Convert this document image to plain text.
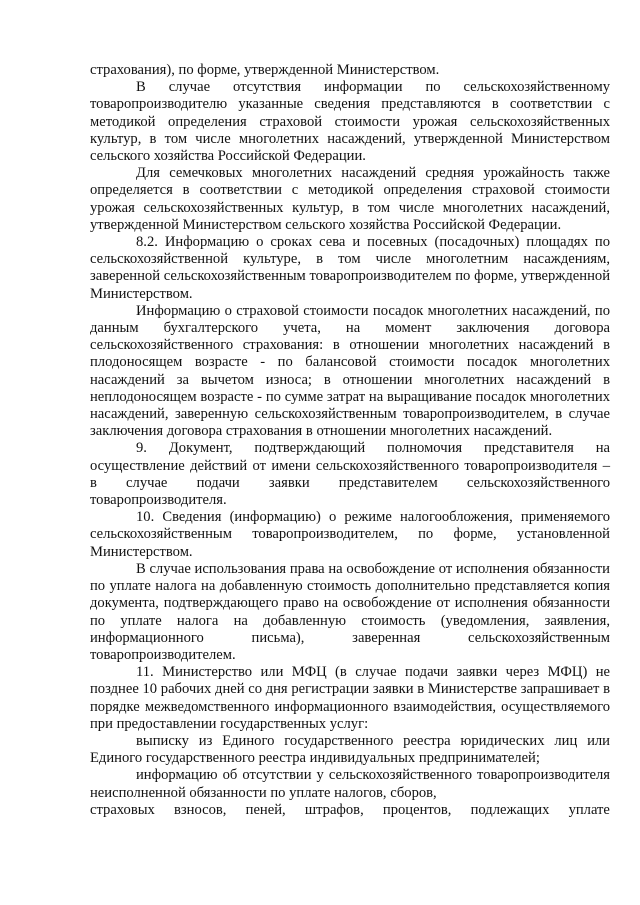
страхования), по форме, утвержденной Министерством.

В случае отсутствия информации по сельскохозяйственному товаропроизводителю указанные сведения представляются в соответствии с методикой определения страховой стоимости урожая сельскохозяйственных культур, в том числе многолетних насаждений, утвержденной Министерством сельского хозяйства Российской Федерации.

Для семечковых многолетних насаждений средняя урожайность также определяется в соответствии с методикой определения страховой стоимости урожая сельскохозяйственных культур, в том числе многолетних насаждений, утвержденной Министерством сельского хозяйства Российской Федерации.

8.2. Информацию о сроках сева и посевных (посадочных) площадях по сельскохозяйственной культуре, в том числе многолетним насаждениям, заверенной сельскохозяйственным товаропроизводителем по форме, утвержденной Министерством.

Информацию о страховой стоимости посадок многолетних насаждений, по данным бухгалтерского учета, на момент заключения договора сельскохозяйственного страхования: в отношении многолетних насаждений в плодоносящем возрасте - по балансовой стоимости посадок многолетних насаждений за вычетом износа; в отношении многолетних насаждений в неплодоносящем возрасте - по сумме затрат на выращивание посадок многолетних насаждений, заверенную сельскохозяйственным товаропроизводителем, в случае заключения договора страхования в отношении многолетних насаждений.

9. Документ, подтверждающий полномочия представителя на осуществление действий от имени сельскохозяйственного товаропроизводителя – в случае подачи заявки представителем сельскохозяйственного товаропроизводителя.

10. Сведения (информацию) о режиме налогообложения, применяемого сельскохозяйственным товаропроизводителем, по форме, установленной Министерством.

В случае использования права на освобождение от исполнения обязанности по уплате налога на добавленную стоимость дополнительно представляется копия документа, подтверждающего право на освобождение от исполнения обязанности по уплате налога на добавленную стоимость (уведомления, заявления, информационного письма), заверенная сельскохозяйственным товаропроизводителем.

11. Министерство или МФЦ (в случае подачи заявки через МФЦ) не позднее 10 рабочих дней со дня регистрации заявки в Министерстве запрашивает в порядке межведомственного информационного взаимодействия, осуществляемого при предоставлении государственных услуг:

выписку из Единого государственного реестра юридических лиц или Единого государственного реестра индивидуальных предпринимателей;

информацию об отсутствии у сельскохозяйственного товаропроизводителя неисполненной обязанности по уплате налогов, сборов,

страховых взносов, пеней, штрафов, процентов, подлежащих уплате
